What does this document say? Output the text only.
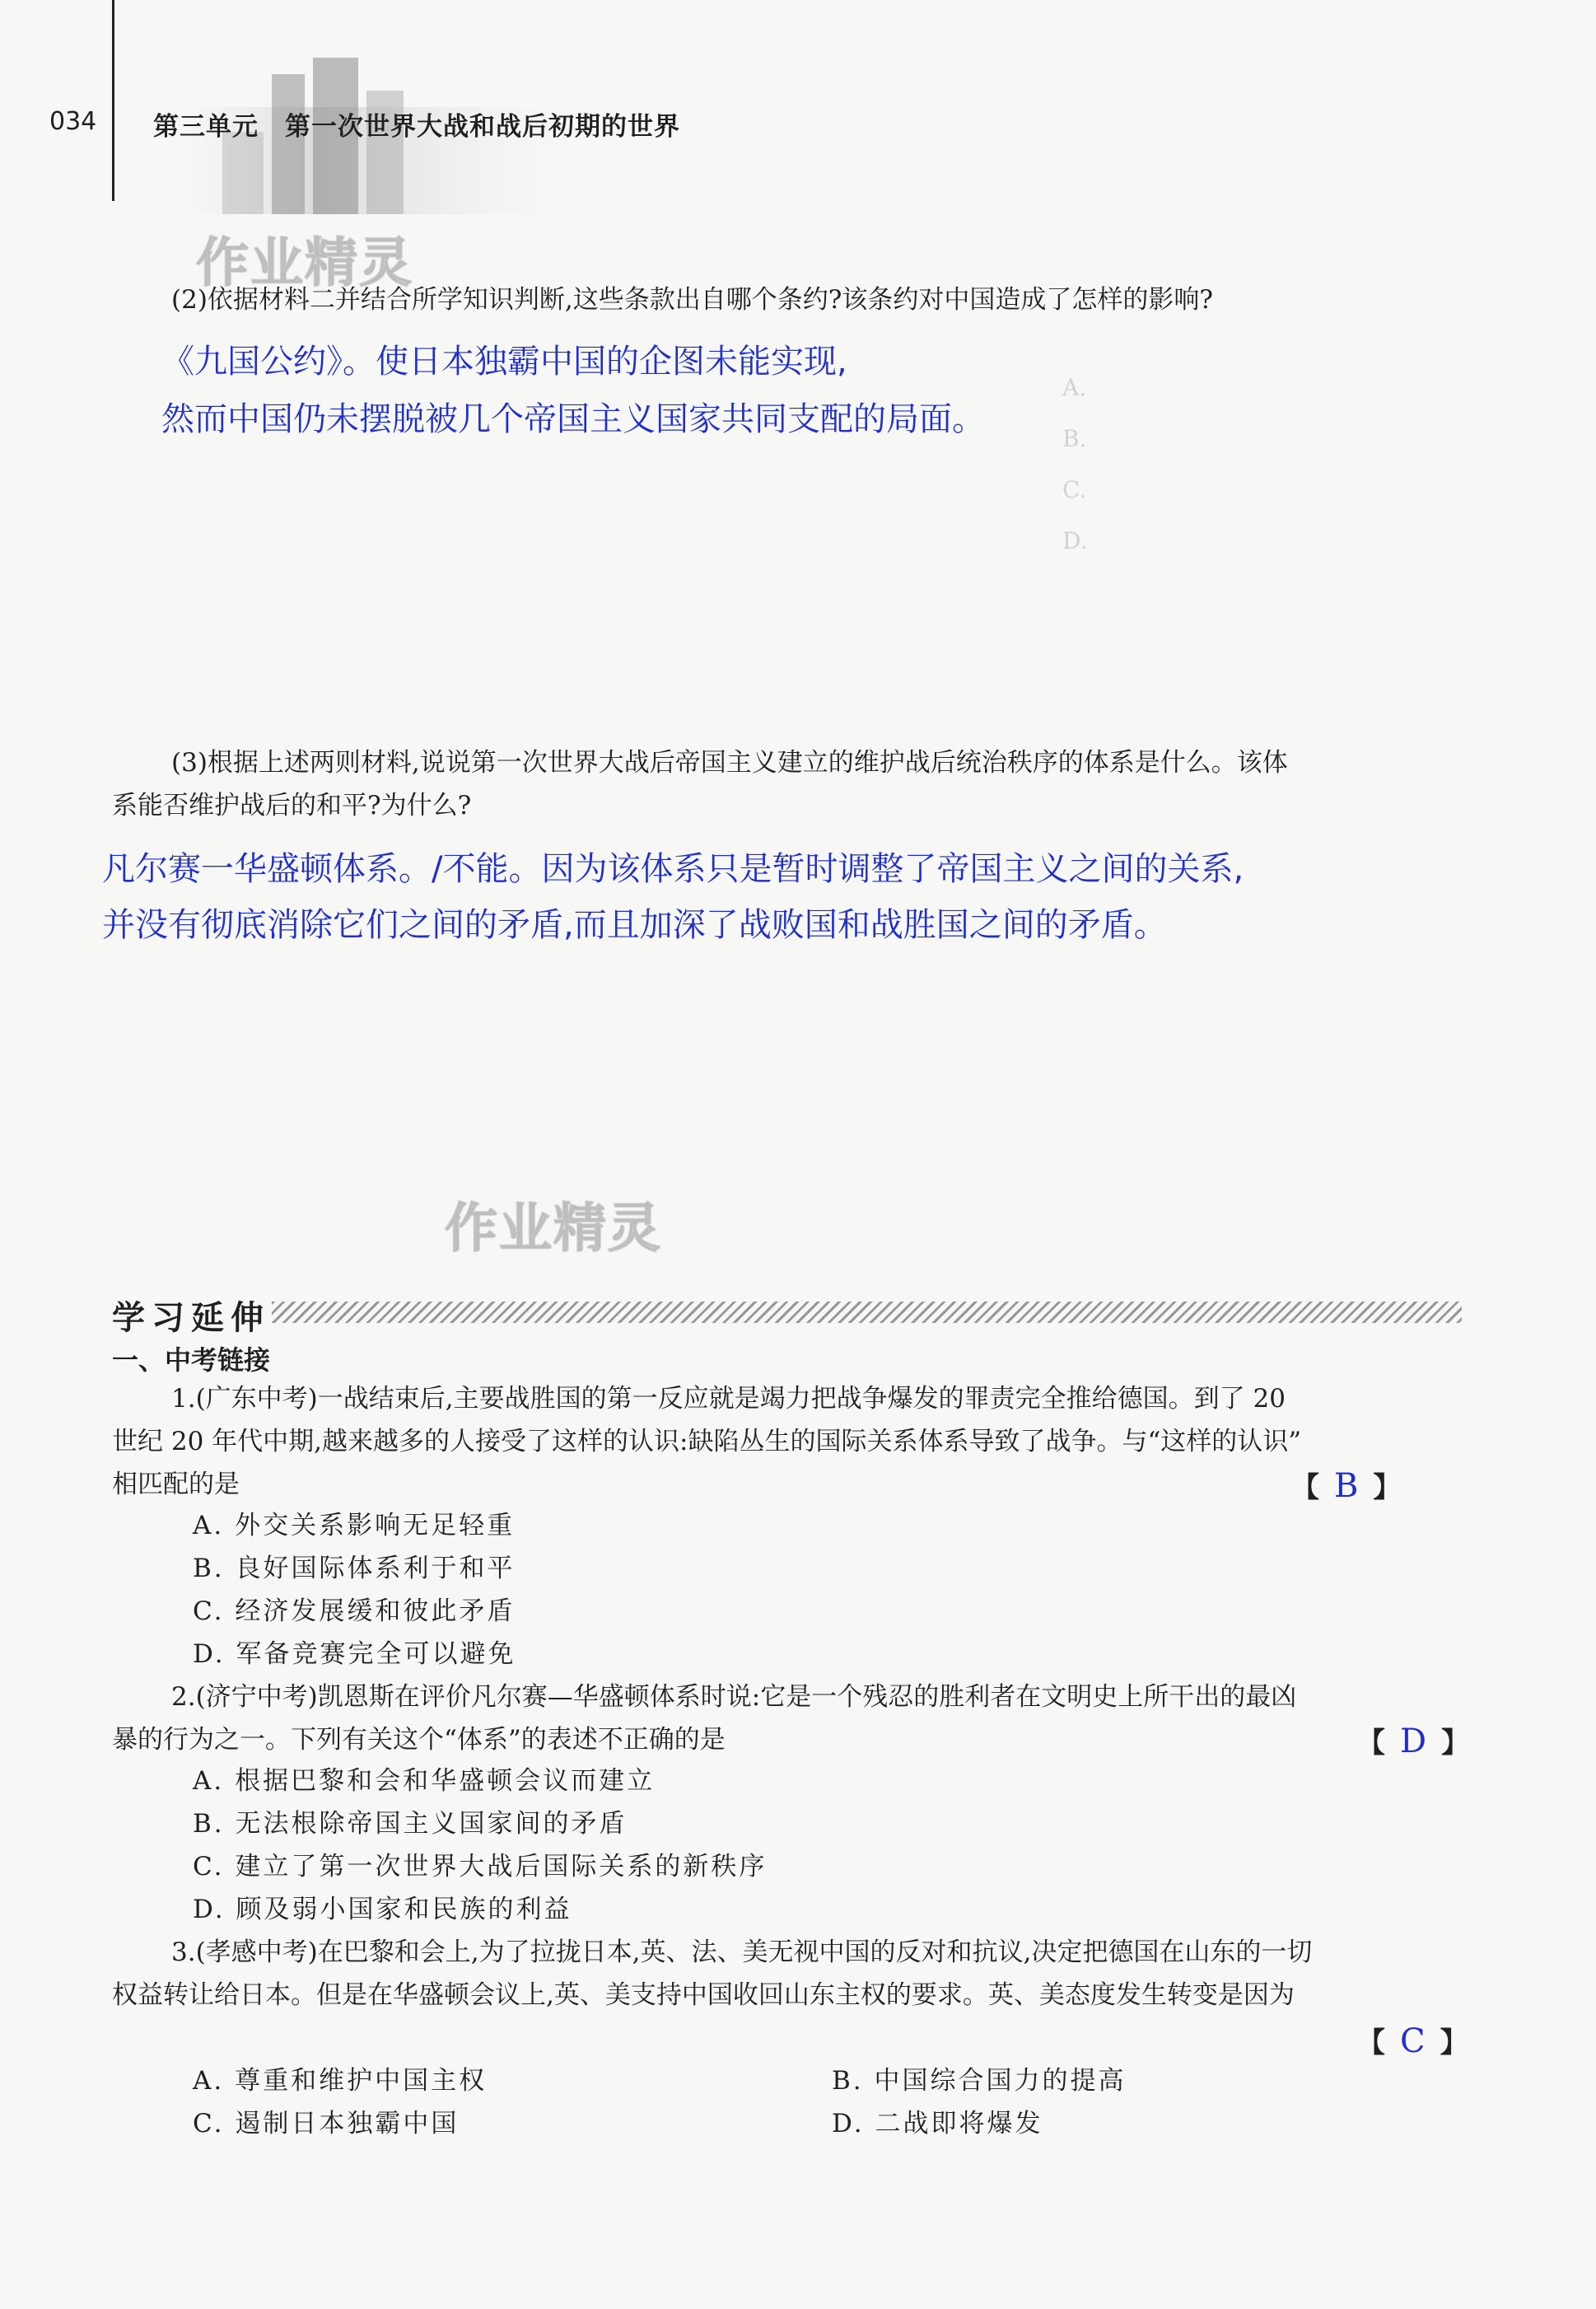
034 第三单元　第一次世界大战和战后初期的世界
作业精灵
作业精灵
A.　　　　　
B.　　　　　
C.　　　　　
D.　　　　　
(2)依据材料二并结合所学知识判断,这些条款出自哪个条约?该条约对中国造成了怎样的影响?
《九国公约》。使日本独霸中国的企图未能实现,
然而中国仍未摆脱被几个帝国主义国家共同支配的局面。
(3)根据上述两则材料,说说第一次世界大战后帝国主义建立的维护战后统治秩序的体系是什么。该体
系能否维护战后的和平?为什么?
凡尔赛一华盛顿体系。/不能。因为该体系只是暂时调整了帝国主义之间的关系,
并没有彻底消除它们之间的矛盾,而且加深了战败国和战胜国之间的矛盾。
学习延伸
一、中考链接
1.(广东中考)一战结束后,主要战胜国的第一反应就是竭力把战争爆发的罪责完全推给德国。到了 20
世纪 20 年代中期,越来越多的人接受了这样的认识:缺陷丛生的国际关系体系导致了战争。与“这样的认识”
相匹配的是	【 B 】
A. 外交关系影响无足轻重
B. 良好国际体系利于和平
C. 经济发展缓和彼此矛盾
D. 军备竞赛完全可以避免
2.(济宁中考)凯恩斯在评价凡尔赛—华盛顿体系时说:它是一个残忍的胜利者在文明史上所干出的最凶
暴的行为之一。下列有关这个“体系”的表述不正确的是	【 D 】
A. 根据巴黎和会和华盛顿会议而建立
B. 无法根除帝国主义国家间的矛盾
C. 建立了第一次世界大战后国际关系的新秩序
D. 顾及弱小国家和民族的利益
3.(孝感中考)在巴黎和会上,为了拉拢日本,英、法、美无视中国的反对和抗议,决定把德国在山东的一切
权益转让给日本。但是在华盛顿会议上,英、美支持中国收回山东主权的要求。英、美态度发生转变是因为
【 C 】
A. 尊重和维护中国主权	B. 中国综合国力的提高
C. 遏制日本独霸中国	D. 二战即将爆发
